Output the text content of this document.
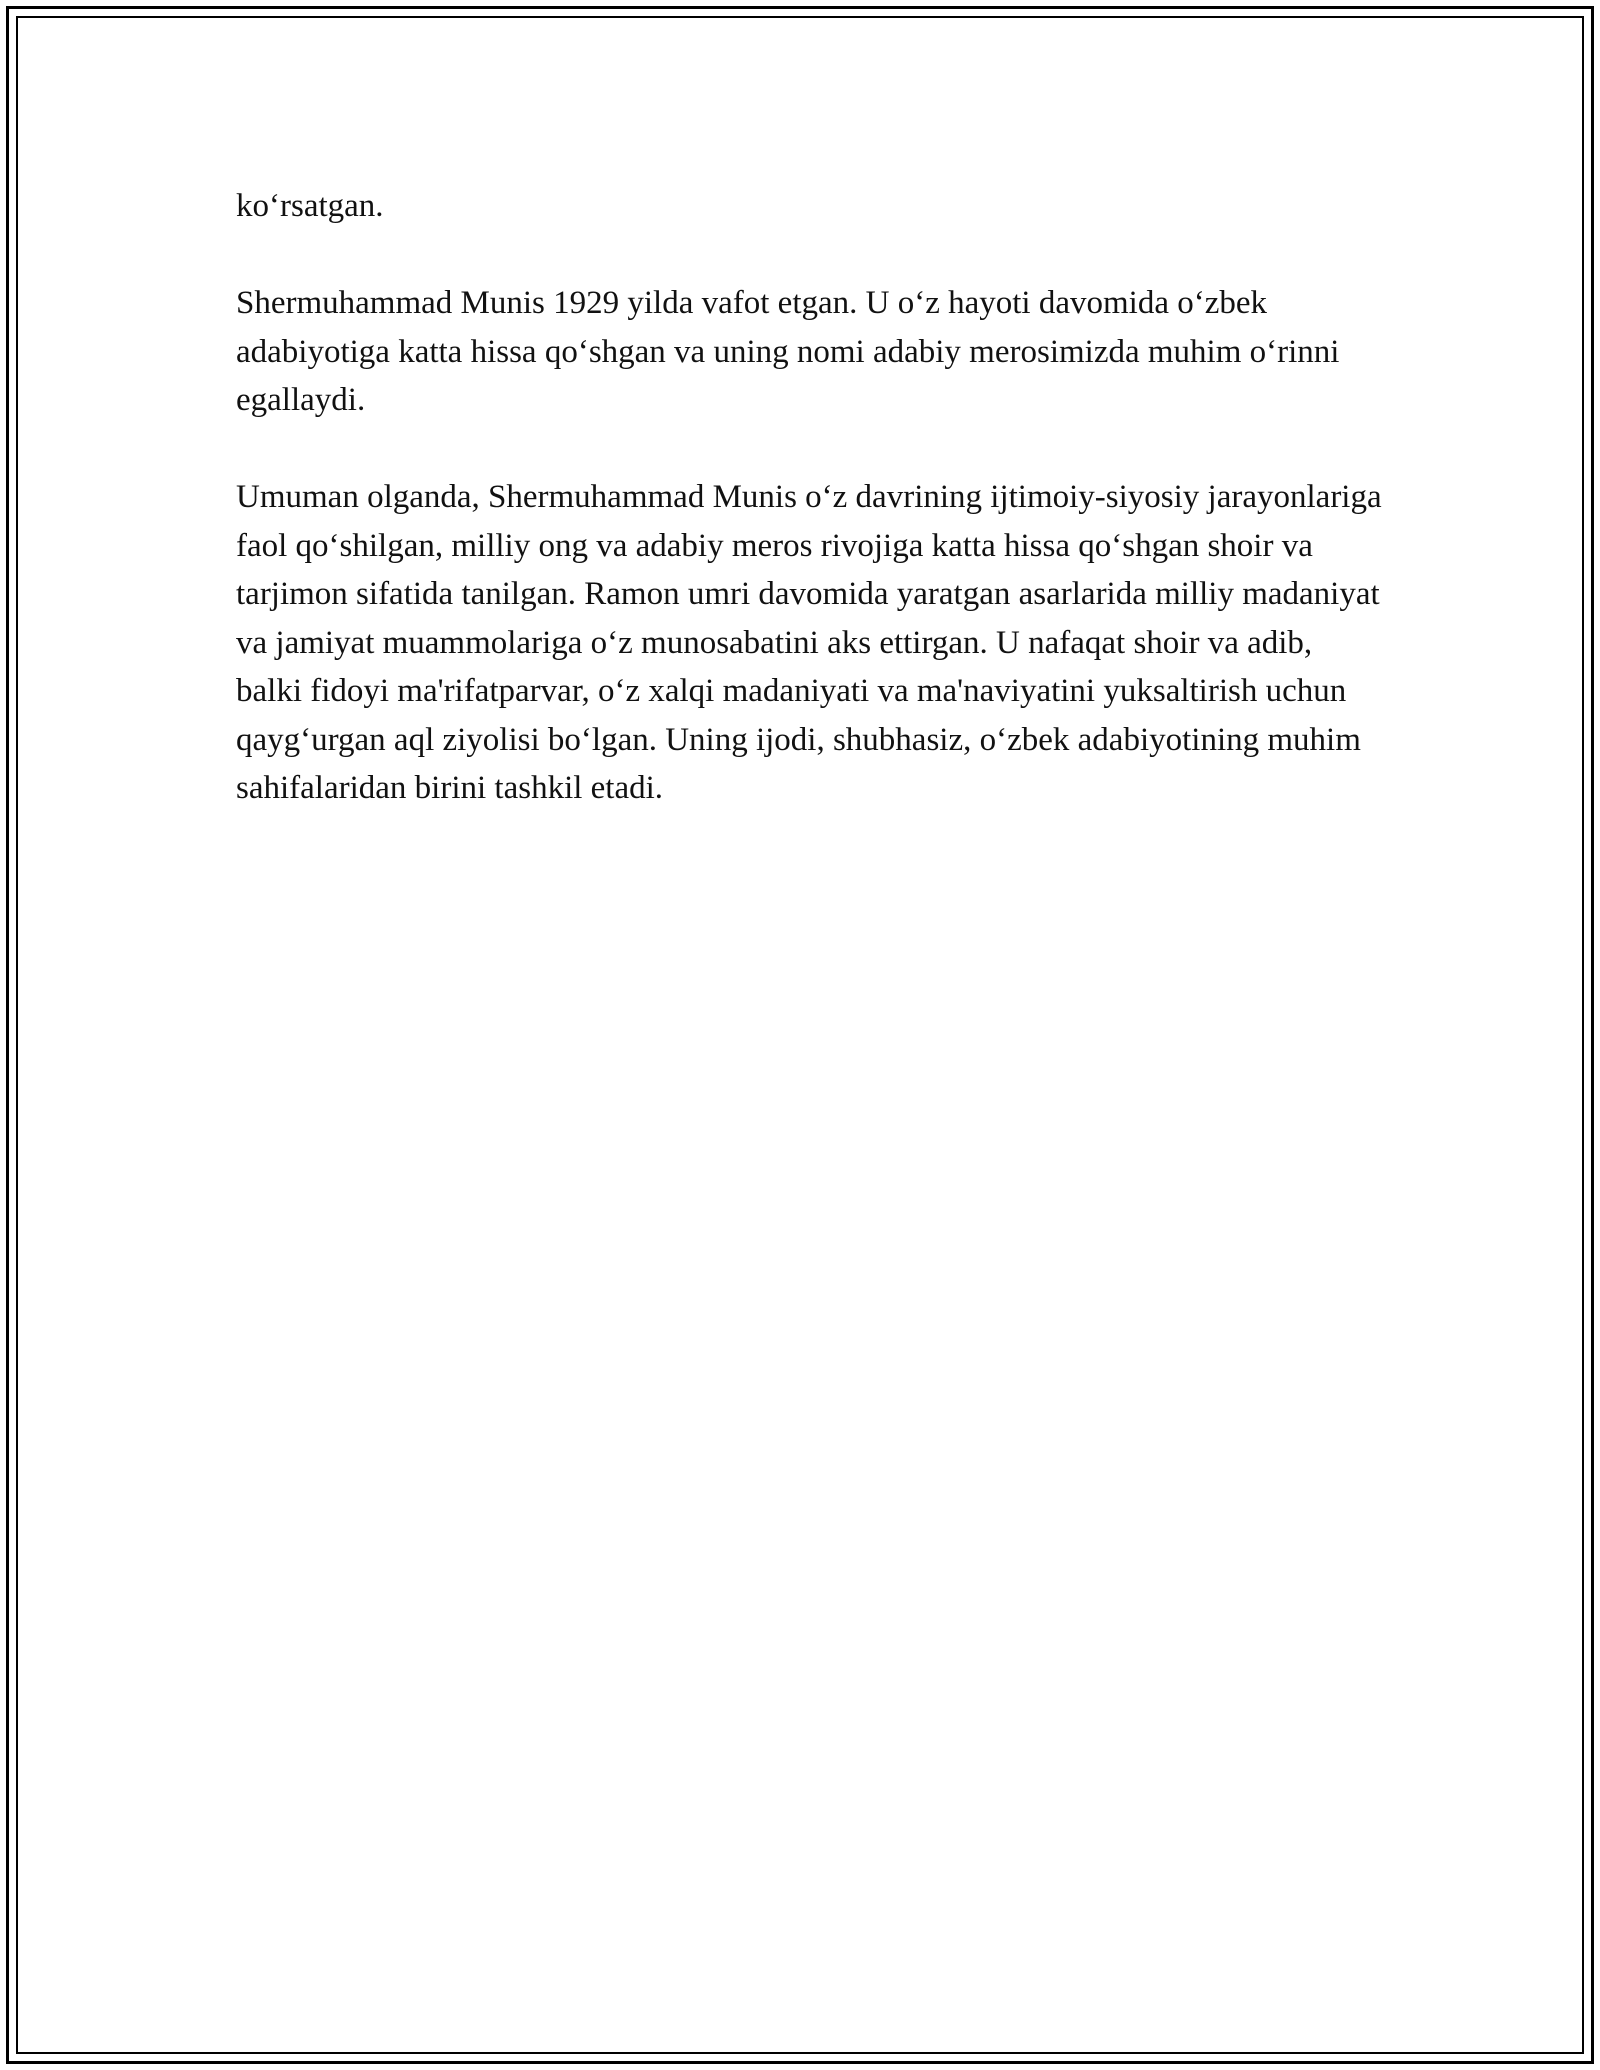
ko‘rsatgan.

Shermuhammad Munis 1929 yilda vafot etgan. U o‘z hayoti davomida o‘zbek adabiyotiga katta hissa qo‘shgan va uning nomi adabiy merosimizda muhim o‘rinni egallaydi.

Umuman olganda, Shermuhammad Munis o‘z davrining ijtimoiy-siyosiy jarayonlariga faol qo‘shilgan, milliy ong va adabiy meros rivojiga katta hissa qo‘shgan shoir va tarjimon sifatida tanilgan. Ramon umri davomida yaratgan asarlarida milliy madaniyat va jamiyat muammolariga o‘z munosabatini aks ettirgan. U nafaqat shoir va adib, balki fidoyi ma'rifatparvar, o‘z xalqi madaniyati va ma'naviyatini yuksaltirish uchun qayg‘urgan aql ziyolisi bo‘lgan. Uning ijodi, shubhasiz, o‘zbek adabiyotining muhim sahifalaridan birini tashkil etadi.
